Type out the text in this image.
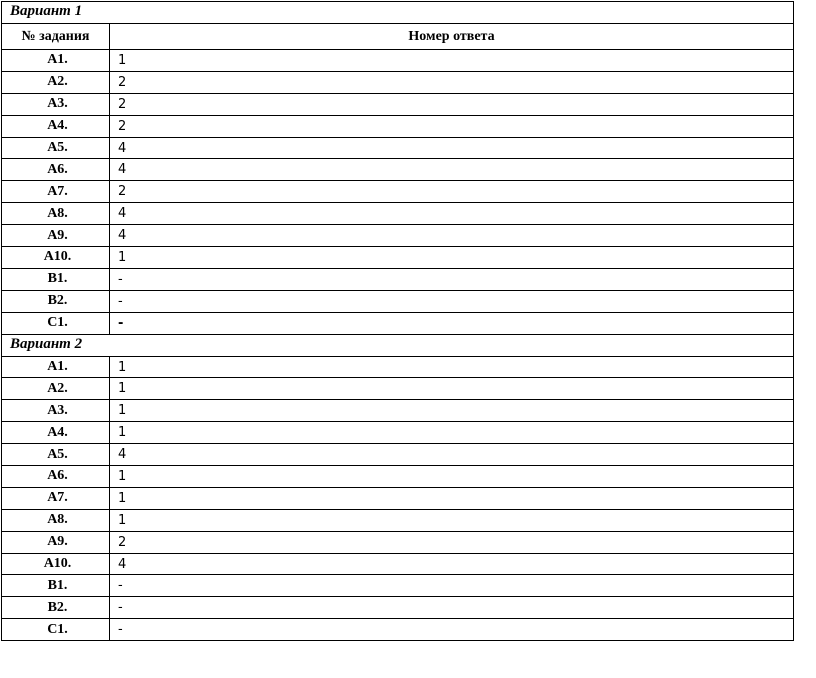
Вариант 1	
№ задания	Номер ответа
А1.	1
А2.	2
А3.	2
А4.	2
А5.	4
А6.	4
А7.	2
А8.	4
А9.	4
А10.	1
В1.	-
В2.	-
С1.	-
Вариант 2	
А1.	1
А2.	1
А3.	1
А4.	1
А5.	4
А6.	1
А7.	1
А8.	1
А9.	2
А10.	4
В1.	-
В2.	-
С1.	-
